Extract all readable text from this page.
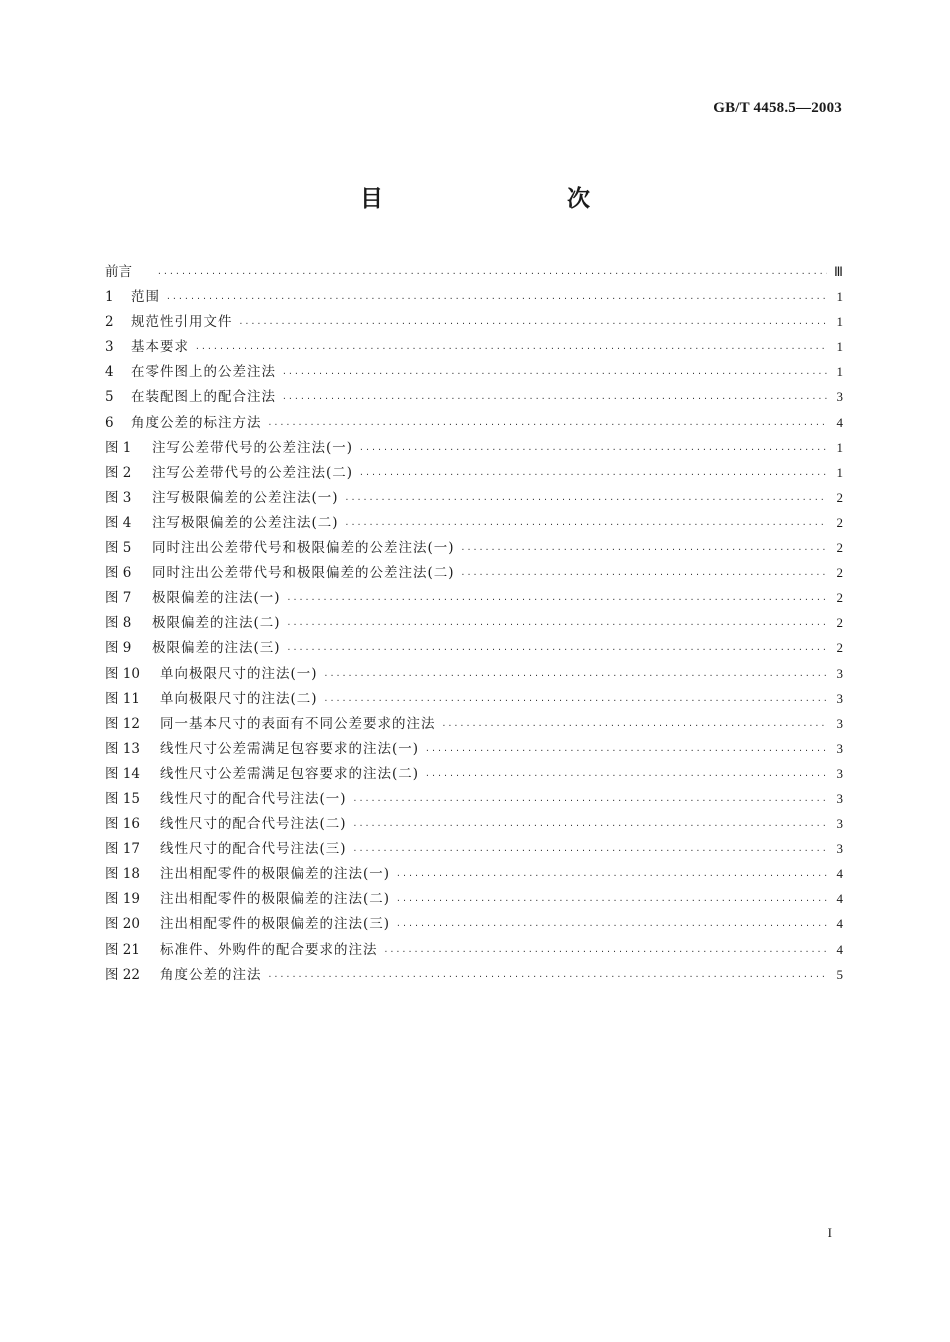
GB/T 4458.5—2003
目　　次
前言 .....	Ⅲ
1	范围 .....	1
2	规范性引用文件 .....	1
3	基本要求 .....	1
4	在零件图上的公差注法 .....	1
5	在装配图上的配合注法 .....	3
6	角度公差的标注方法 .....	4
图 1	注写公差带代号的公差注法(一) .....	1
图 2	注写公差带代号的公差注法(二) .....	1
图 3	注写极限偏差的公差注法(一) .....	2
图 4	注写极限偏差的公差注法(二) .....	2
图 5	同时注出公差带代号和极限偏差的公差注法(一) .....	2
图 6	同时注出公差带代号和极限偏差的公差注法(二) .....	2
图 7	极限偏差的注法(一) .....	2
图 8	极限偏差的注法(二) .....	2
图 9	极限偏差的注法(三) .....	2
图 10	单向极限尺寸的注法(一) .....	3
图 11	单向极限尺寸的注法(二) .....	3
图 12	同一基本尺寸的表面有不同公差要求的注法 .....	3
图 13	线性尺寸公差需满足包容要求的注法(一) .....	3
图 14	线性尺寸公差需满足包容要求的注法(二) .....	3
图 15	线性尺寸的配合代号注法(一) .....	3
图 16	线性尺寸的配合代号注法(二) .....	3
图 17	线性尺寸的配合代号注法(三) .....	3
图 18	注出相配零件的极限偏差的注法(一) .....	4
图 19	注出相配零件的极限偏差的注法(二) .....	4
图 20	注出相配零件的极限偏差的注法(三) .....	4
图 21	标准件、外购件的配合要求的注法 .....	4
图 22	角度公差的注法 .....	5
I
